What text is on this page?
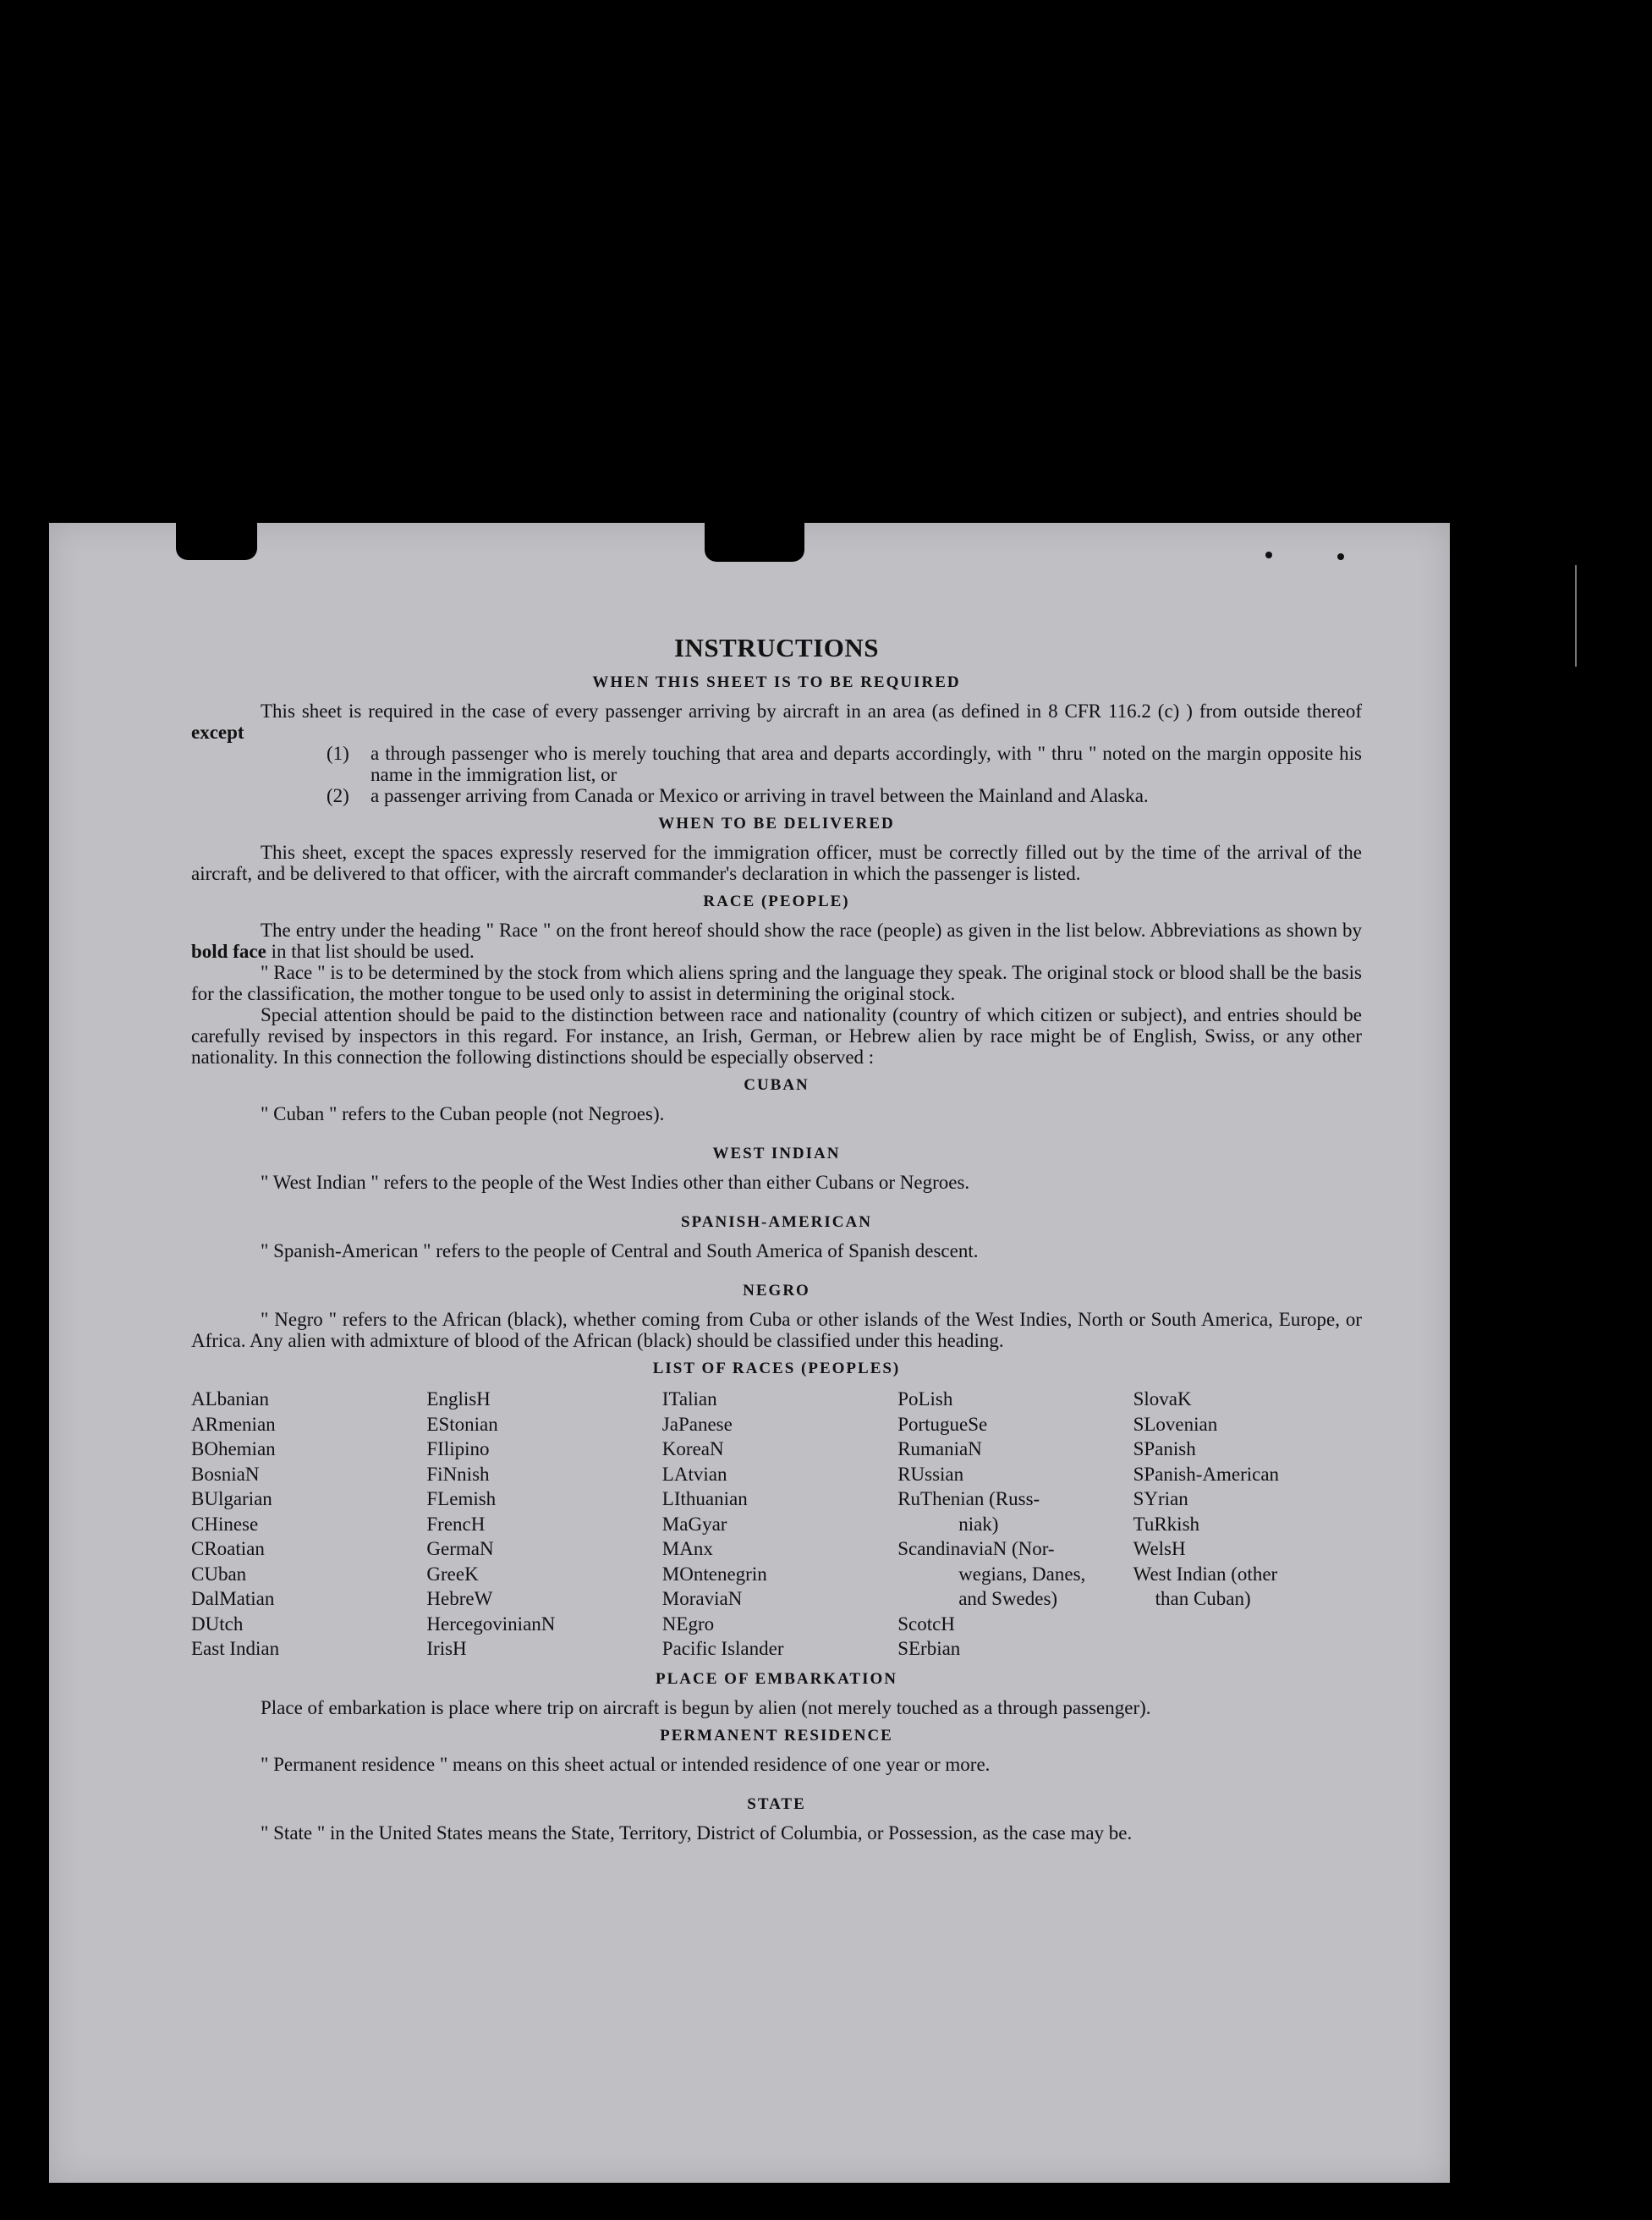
INSTRUCTIONS
WHEN THIS SHEET IS TO BE REQUIRED

This sheet is required in the case of every passenger arriving by aircraft in an area (as defined in 8 CFR 116.2 (c) ) from outside thereof except

(1)	a through passenger who is merely touching that area and departs accordingly, with " thru " noted on the margin opposite his name in the immigration list, or
(2)	a passenger arriving from Canada or Mexico or arriving in travel between the Mainland and Alaska.
WHEN TO BE DELIVERED

This sheet, except the spaces expressly reserved for the immigration officer, must be correctly filled out by the time of the arrival of the aircraft, and be delivered to that officer, with the aircraft commander's declaration in which the passenger is listed.

RACE (PEOPLE)

The entry under the heading " Race " on the front hereof should show the race (people) as given in the list below. Abbreviations as shown by bold face in that list should be used.

" Race " is to be determined by the stock from which aliens spring and the language they speak. The original stock or blood shall be the basis for the classification, the mother tongue to be used only to assist in determining the original stock.

Special attention should be paid to the distinction between race and nationality (country of which citizen or subject), and entries should be carefully revised by inspectors in this regard. For instance, an Irish, German, or Hebrew alien by race might be of English, Swiss, or any other nationality. In this connection the following distinctions should be especially observed :

CUBAN

" Cuban " refers to the Cuban people (not Negroes).

WEST INDIAN

" West Indian " refers to the people of the West Indies other than either Cubans or Negroes.

SPANISH-AMERICAN

" Spanish-American " refers to the people of Central and South America of Spanish descent.

NEGRO

" Negro " refers to the African (black), whether coming from Cuba or other islands of the West Indies, North or South America, Europe, or Africa. Any alien with admixture of blood of the African (black) should be classified under this heading.

LIST OF RACES (PEOPLES)
ALbanian
ARmenian
BOhemian
BosniaN
BUlgarian
CHinese
CRoatian
CUban
DalMatian
DUtch
East Indian
EnglisH
EStonian
FIlipino
FiNnish
FLemish
FrencH
GermaN
GreeK
HebreW
HercegovinianN
IrisH
ITalian
JaPanese
KoreaN
LAtvian
LIthuanian
MaGyar
MAnx
MOntenegrin
MoraviaN
NEgro
Pacific Islander
PoLish
PortugueSe
RumaniaN
RUssian
RuThenian (Russ-
niak)
ScandinaviaN (Nor-
wegians, Danes,
and Swedes)
ScotcH
SErbian
SlovaK
SLovenian
SPanish
SPanish-American
SYrian
TuRkish
WelsH
West Indian (other
than Cuban)
PLACE OF EMBARKATION

Place of embarkation is place where trip on aircraft is begun by alien (not merely touched as a through passenger).

PERMANENT RESIDENCE

" Permanent residence " means on this sheet actual or intended residence of one year or more.

STATE

" State " in the United States means the State, Territory, District of Columbia, or Possession, as the case may be.
